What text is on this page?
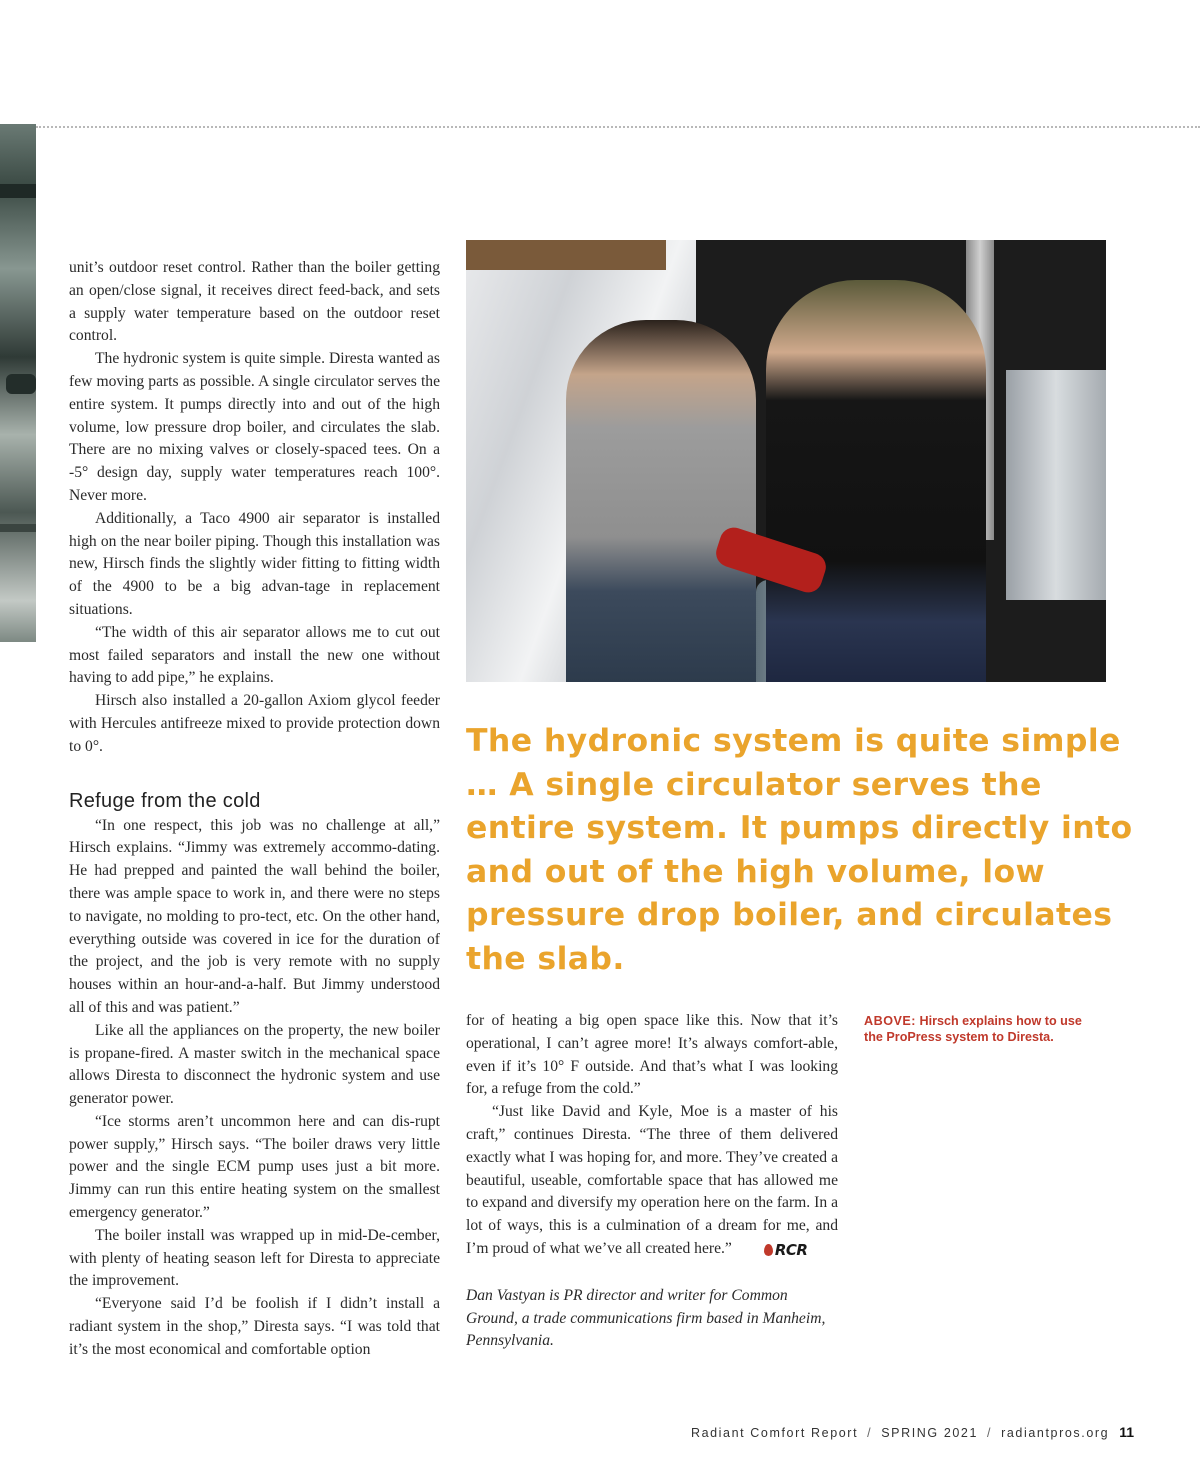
unit’s outdoor reset control. Rather than the boiler getting an open/close signal, it receives direct feed-back, and sets a supply water temperature based on the outdoor reset control.

The hydronic system is quite simple. Diresta wanted as few moving parts as possible. A single circulator serves the entire system. It pumps directly into and out of the high volume, low pressure drop boiler, and circulates the slab. There are no mixing valves or closely-spaced tees. On a -5° design day, supply water temperatures reach 100°. Never more.

Additionally, a Taco 4900 air separator is installed high on the near boiler piping. Though this installation was new, Hirsch finds the slightly wider fitting to fitting width of the 4900 to be a big advan-tage in replacement situations.

“The width of this air separator allows me to cut out most failed separators and install the new one without having to add pipe,” he explains.

Hirsch also installed a 20-gallon Axiom glycol feeder with Hercules antifreeze mixed to provide protection down to 0°.

Refuge from the cold

“In one respect, this job was no challenge at all,” Hirsch explains. “Jimmy was extremely accommo-dating. He had prepped and painted the wall behind the boiler, there was ample space to work in, and there were no steps to navigate, no molding to pro-tect, etc. On the other hand, everything outside was covered in ice for the duration of the project, and the job is very remote with no supply houses within an hour-and-a-half. But Jimmy understood all of this and was patient.”

Like all the appliances on the property, the new boiler is propane-fired. A master switch in the mechanical space allows Diresta to disconnect the hydronic system and use generator power.

“Ice storms aren’t uncommon here and can dis-rupt power supply,” Hirsch says. “The boiler draws very little power and the single ECM pump uses just a bit more. Jimmy can run this entire heating system on the smallest emergency generator.”

The boiler install was wrapped up in mid-De-cember, with plenty of heating season left for Diresta to appreciate the improvement.

“Everyone said I’d be foolish if I didn’t install a radiant system in the shop,” Diresta says. “I was told that it’s the most economical and comfortable option

The hydronic system is quite simple … A single circulator serves the entire system. It pumps directly into and out of the high volume, low pressure drop boiler, and circulates the slab.

ABOVE: Hirsch explains how to use the ProPress system to Diresta.

for of heating a big open space like this. Now that it’s operational, I can’t agree more! It’s always comfort-able, even if it’s 10° F outside. And that’s what I was looking for, a refuge from the cold.”

“Just like David and Kyle, Moe is a master of his craft,” continues Diresta. “The three of them delivered exactly what I was hoping for, and more. They’ve created a beautiful, useable, comfortable space that has allowed me to expand and diversify my operation here on the farm. In a lot of ways, this is a culmination of a dream for me, and I’m proud of what we’ve all created here.”	RCR

Dan Vastyan is PR director and writer for Common Ground, a trade communications firm based in Manheim, Pennsylvania.

Radiant Comfort Report / SPRING 2021 / radiantpros.org 11
